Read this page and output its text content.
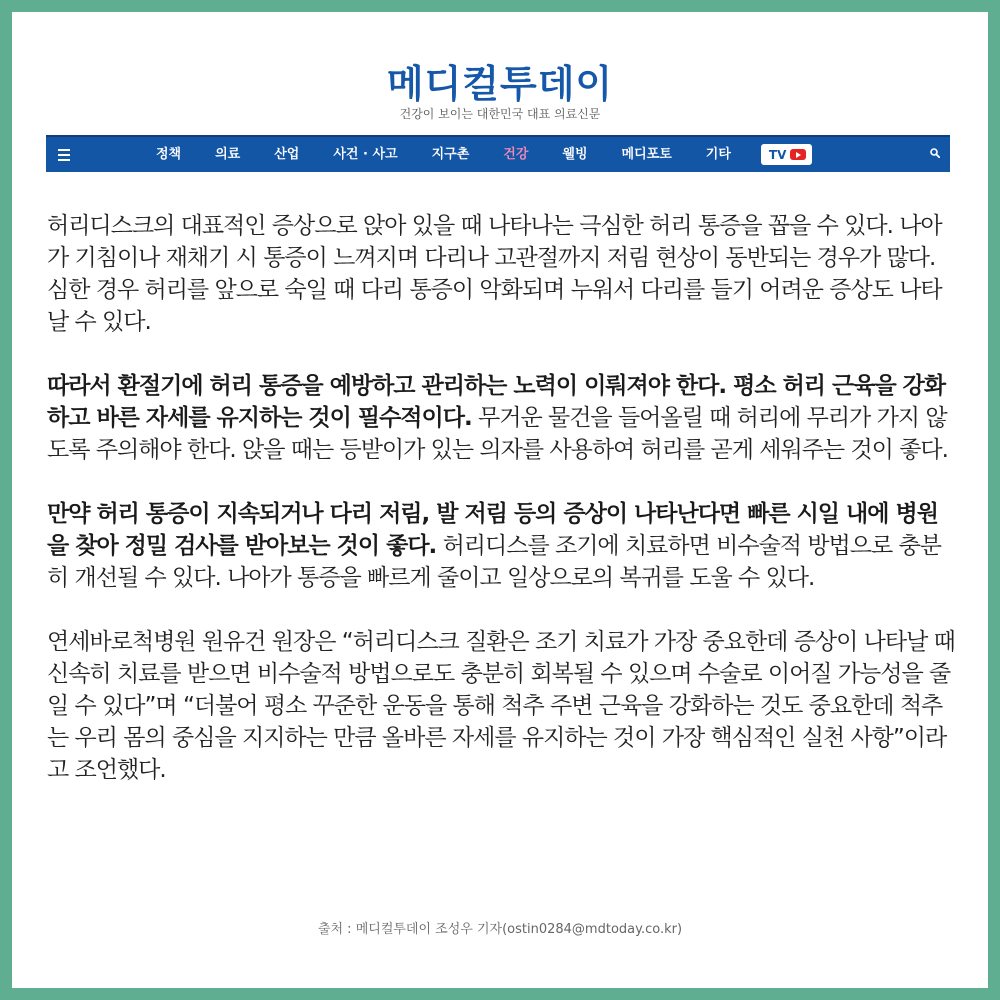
메디컬투데이
건강이 보이는 대한민국 대표 의료신문
정책	의료	산업	사건 · 사고	지구촌	건강	웰빙	메디포토	기타	TV

허리디스크의 대표적인 증상으로 앉아 있을 때 나타나는 극심한 허리 통증을 꼽을 수 있다. 나아가 기침이나 재채기 시 통증이 느껴지며 다리나 고관절까지 저림 현상이 동반되는 경우가 많다. 심한 경우 허리를 앞으로 숙일 때 다리 통증이 악화되며 누워서 다리를 들기 어려운 증상도 나타날 수 있다.

따라서 환절기에 허리 통증을 예방하고 관리하는 노력이 이뤄져야 한다. 평소 허리 근육을 강화하고 바른 자세를 유지하는 것이 필수적이다. 무거운 물건을 들어올릴 때 허리에 무리가 가지 않도록 주의해야 한다. 앉을 때는 등받이가 있는 의자를 사용하여 허리를 곧게 세워주는 것이 좋다.

만약 허리 통증이 지속되거나 다리 저림, 발 저림 등의 증상이 나타난다면 빠른 시일 내에 병원을 찾아 정밀 검사를 받아보는 것이 좋다. 허리디스를 조기에 치료하면 비수술적 방법으로 충분히 개선될 수 있다. 나아가 통증을 빠르게 줄이고 일상으로의 복귀를 도울 수 있다.

연세바로척병원 원유건 원장은 “허리디스크 질환은 조기 치료가 가장 중요한데 증상이 나타날 때 신속히 치료를 받으면 비수술적 방법으로도 충분히 회복될 수 있으며 수술로 이어질 가능성을 줄일 수 있다”며 “더불어 평소 꾸준한 운동을 통해 척추 주변 근육을 강화하는 것도 중요한데 척추는 우리 몸의 중심을 지지하는 만큼 올바른 자세를 유지하는 것이 가장 핵심적인 실천 사항”이라고 조언했다.

출처 : 메디컬투데이 조성우 기자(ostin0284@mdtoday.co.kr)
